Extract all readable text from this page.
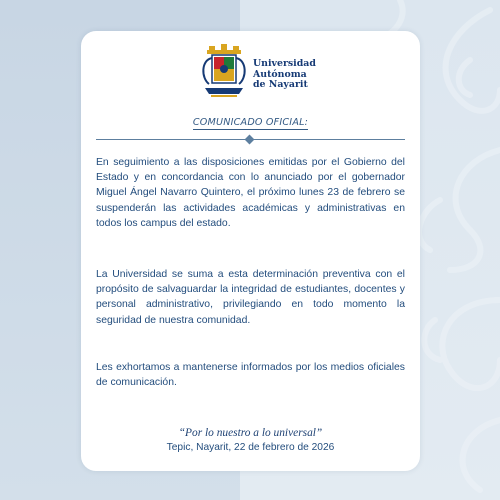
Universidad
Autónoma
de Nayarit
COMUNICADO OFICIAL:

En seguimiento a las disposiciones emitidas por el Gobierno del Estado y en concordancia con lo anunciado por el gobernador Miguel Ángel Navarro Quintero, el próximo lunes 23 de febrero se suspenderán las actividades académicas y administrativas en todos los campus del estado.

La Universidad se suma a esta determinación preventiva con el propósito de salvaguardar la integridad de estudiantes, docentes y personal administrativo, privilegiando en todo momento la seguridad de nuestra comunidad.

Les exhortamos a mantenerse informados por los medios oficiales de comunicación.

“Por lo nuestro a lo universal”
Tepic, Nayarit, 22 de febrero de 2026
